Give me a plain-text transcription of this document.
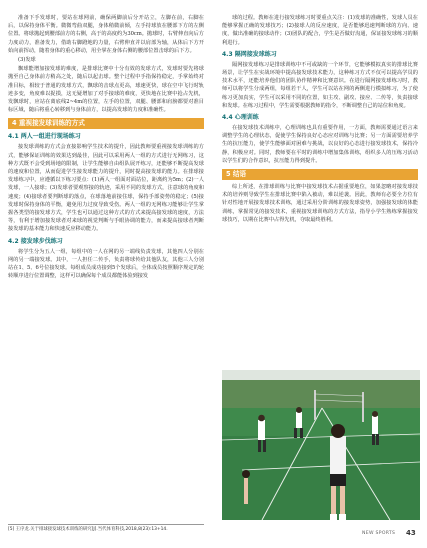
准备下手发球时，要站在球网前，确保两脚前后分开站立，左脚在前，右脚在后，以保持身体平衡。微微弯曲双腿，身体稍微前倾，左手持球放在腰部下方的左侧位置。将球抛起到腰部前方的右侧，高于的高度约为30cm。抛球时，右臂伸直向后方力度动力，准备发力，借助右脚蹬地的力量，右臂伸直并以肩部为轴，从体后下方开始向前挥动，随着身体的重心移动，用全掌在身体右侧的腰部位置击球的后下方。

(3)发球

飘球能增加接发球的难度，是排球比赛中十分有效的发球方式，发球时要先将球抛至自己身体前方稍高之处，随后以起击球。整个过程中手指保持稳定，手掌始终对准目标，相较于普通的发球方式，飘球的击球点更高，球速更快，球在空中飞行时轨迹多变，角度难以捉摸，这无疑增加了对手接球的难度，更快地在比赛中抢占先机，发飘球时，应站在离底线2~4m的位置，左手的位置，双腿、腰部和肩膀都要对准目标区域，随后将重心转移到与身体前方，以提高发球的力度和准确性。

4 重视接发球训练的方式
4.1 两人一组进行现场练习

接发球训练的方式会直接影响学生技术的提升，因此教师要重视接发球训练的方式，能够保证训练的效果达到最佳，因此可以采用两人一组的方式进行无网练习，这种方式既不会受到场地的限制，让学生能够自由组队展开练习，还能够不断提高发球的速度和位置，从而促进学生接发球能力的提升，同时提高接发球的能力。在排球接发球练习中，应遵循以下练习要点：(1)两人一组面对面站位，距离约为5m；(2)一人发球，一人接球；(3)发球者要观察接的轨迹，采用不同的发球方式，注意球的角度和速度；(4)接球者要判断球的落点，在球落地前接住球，保持手部姿势的稳定；(5)接发球时保持身体的平衡，避免用力过度导致受伤。两人一组的无网练习能够让学生掌握各类型的接发球方式，学生也可以通过这种方式的方式来提高接发球的速度，方法等，有利于增加接发球者对来球的视觉判断与手眼协调的能力，而来提高接球者判断接发球的基本能力和快速反应移动能力。

4.2 接发球步伐练习

将学生分为五人一组，每组中的一人在网的另一端线负责发球，其他四人分别在网的另一端接发球。其中，一人担任二传手，负责将球传给其他队友，其他三人分别站在1、5、6号位接发球。每组成员成功接到5个发球后，全体成员按照顺序规定的轮转顺序进行位置调整，这样可以确保每个成员都能体验到接发

[5] 王序龙.关于排球接发球技术训练的研究[J].当代体育科技,2018,8(23):13+14.

球的过程。教师在进行接发球练习时要重点关注：(1)发球的准确性，发球人员在能够掌握正确的发球技巧；(2)接球人的反应速度，是否能够迅速判断球的方向、速度，做出准确的接球动作；(3)团队的配合，学生是否做好沟通，保证接发球练习的顺利进行。

4.3 隔网接发球练习

隔网接发球练习是排球训练中不可或缺的一个环节，它能够模拟真实的排球比赛场景，让学生在实战环境中提高接发球技术能力，这种练习方式不仅可以提高学员的技术水平，还能培养他们的团队协作精神和比赛意识。在进行隔网接发球练习时，教师可以将学生分成两组，每组若干人，学生可以站在网的两侧进行模拟练习，为了使练习更加真实，学生可以采用不同的位置，如主攻、副攻、接应、二传等，负责接球和发球。在练习过程中，学生需要根据教师的指令，不断调整自己的站位和角度。

4.4 心理训练

在接发球技术训练中，心理训练也具有重要作用，一方面，教师需要通过语言来调整学生的心理状态，促使学生保持良好心态应对训练与比赛；另一方面需要培养学生的抗压能力，使学生能够面对困难与挑战，以良好的心态进行接发球技术，保持冷静，积极应对。同时，教师要在平时的训练中增加集体训练，组织多人的压练习活动以学生们的合作意识，抗压能力得到提升。

5 结语

综上所述，在排球训练与比赛中接发球技术占据重要地位，如果忽略对接发球技术的培养则导致学生在排球比赛中陷入被动，难以逆袭。因此，教师有必要全方位有针对性地开展接发球技术训练，通过采用分阶训练的接发球姿势，加强接发球的体能训练，掌握常见的接发技术，重视接发球训练的方式方法，指导小学生熟练掌握接发球技巧，以期在比赛中占得先机，夺取最终胜利。

NEW SPORTS 43
